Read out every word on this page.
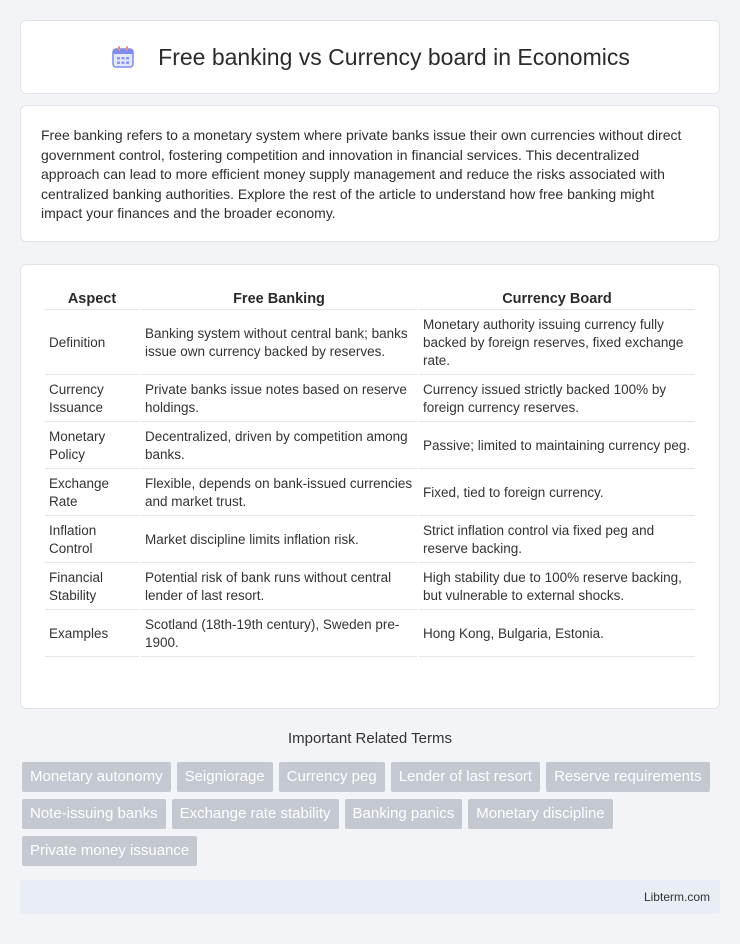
Free banking vs Currency board in Economics

Free banking refers to a monetary system where private banks issue their own currencies without direct government control, fostering competition and innovation in financial services. This decentralized approach can lead to more efficient money supply management and reduce the risks associated with centralized banking authorities. Explore the rest of the article to understand how free banking might impact your finances and the broader economy.

Aspect	Free Banking	Currency Board
Definition	Banking system without central bank; banks issue own currency backed by reserves.	Monetary authority issuing currency fully backed by foreign reserves, fixed exchange rate.
Currency Issuance	Private banks issue notes based on reserve holdings.	Currency issued strictly backed 100% by foreign currency reserves.
Monetary Policy	Decentralized, driven by competition among banks.	Passive; limited to maintaining currency peg.
Exchange Rate	Flexible, depends on bank-issued currencies and market trust.	Fixed, tied to foreign currency.
Inflation Control	Market discipline limits inflation risk.	Strict inflation control via fixed peg and reserve backing.
Financial Stability	Potential risk of bank runs without central lender of last resort.	High stability due to 100% reserve backing, but vulnerable to external shocks.
Examples	Scotland (18th-19th century), Sweden pre-1900.	Hong Kong, Bulgaria, Estonia.
Important Related Terms
Monetary autonomy	Seigniorage	Currency peg	Lender of last resort	Reserve requirements
Note-issuing banks	Exchange rate stability	Banking panics	Monetary discipline
Private money issuance
Libterm.com
